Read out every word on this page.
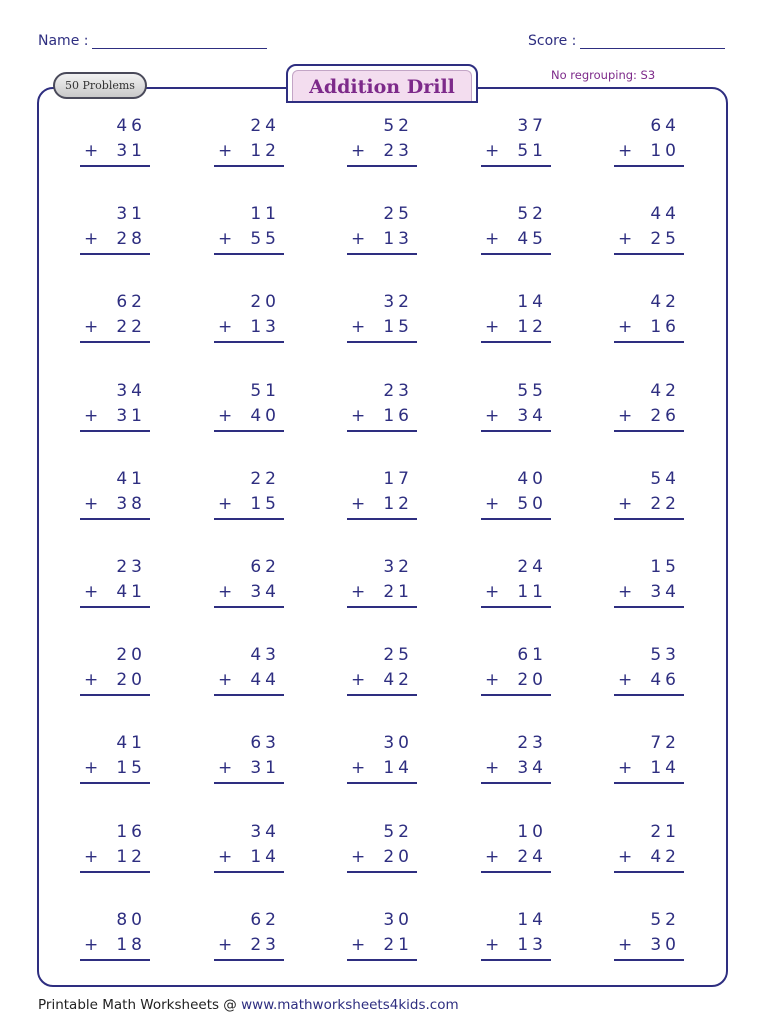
Name :	Score :
50 Problems	Addition Drill
No regrouping: S3
46
+ 31
24
+ 12
52
+ 23
37
+ 51
64
+ 10
31
+ 28
11
+ 55
25
+ 13
52
+ 45
44
+ 25
62
+ 22
20
+ 13
32
+ 15
14
+ 12
42
+ 16
34
+ 31
51
+ 40
23
+ 16
55
+ 34
42
+ 26
41
+ 38
22
+ 15
17
+ 12
40
+ 50
54
+ 22
23
+ 41
62
+ 34
32
+ 21
24
+ 11
15
+ 34
20
+ 20
43
+ 44
25
+ 42
61
+ 20
53
+ 46
41
+ 15
63
+ 31
30
+ 14
23
+ 34
72
+ 14
16
+ 12
34
+ 14
52
+ 20
10
+ 24
21
+ 42
80
+ 18
62
+ 23
30
+ 21
14
+ 13
52
+ 30
Printable Math Worksheets @ www.mathworksheets4kids.com
